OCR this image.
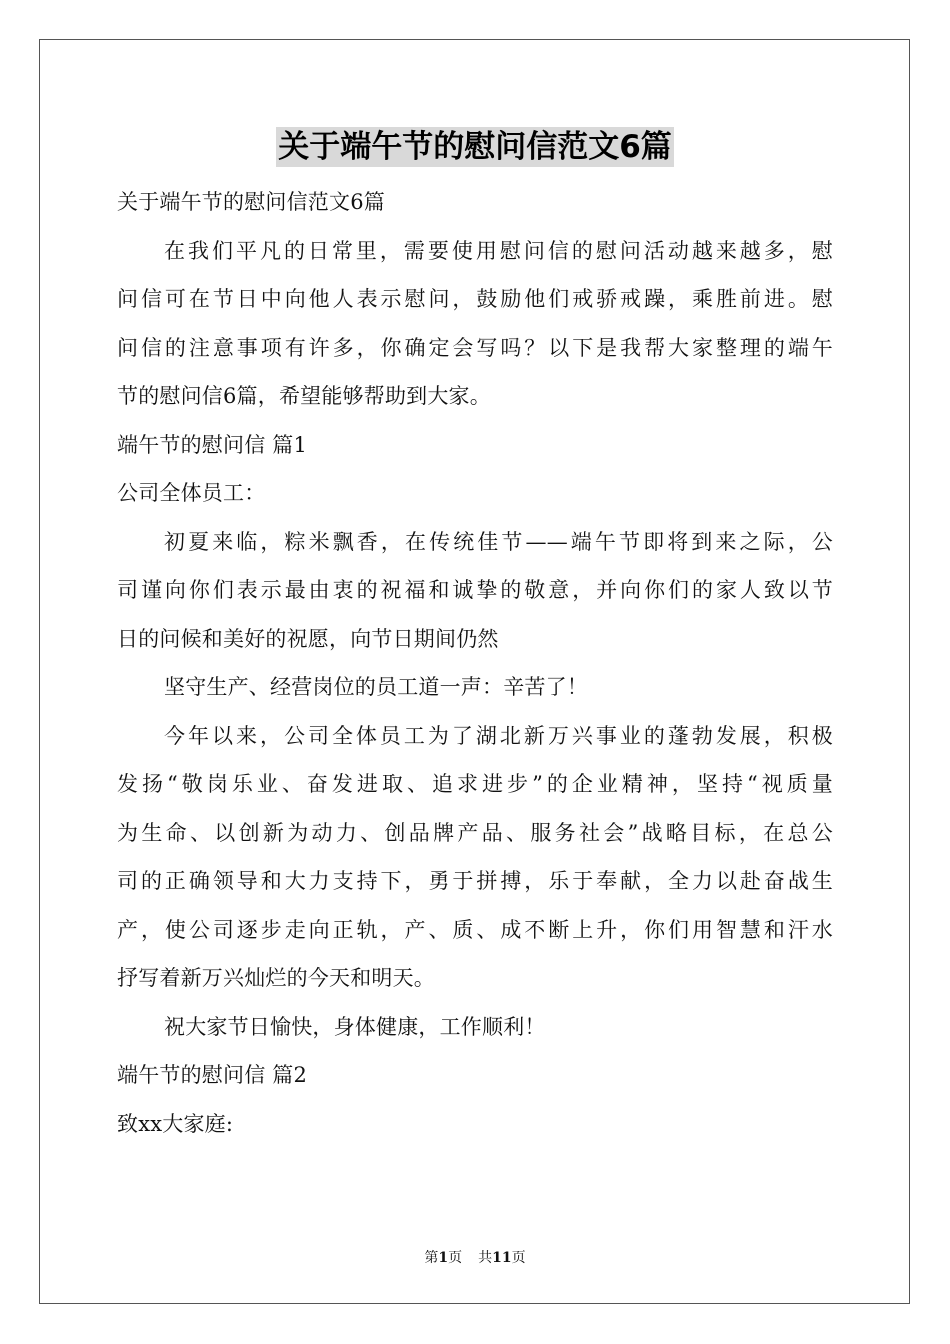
关于端午节的慰问信范文6篇
关于端午节的慰问信范文6篇
在我们平凡的日常里，需要使用慰问信的慰问活动越来越多，慰
问信可在节日中向他人表示慰问，鼓励他们戒骄戒躁，乘胜前进。慰
问信的注意事项有许多，你确定会写吗？以下是我帮大家整理的端午
节的慰问信6篇，希望能够帮助到大家。
端午节的慰问信 篇1
公司全体员工：
初夏来临，粽米飘香，在传统佳节——端午节即将到来之际，公
司谨向你们表示最由衷的祝福和诚挚的敬意，并向你们的家人致以节
日的问候和美好的祝愿，向节日期间仍然
坚守生产、经营岗位的员工道一声：辛苦了！
今年以来，公司全体员工为了湖北新万兴事业的蓬勃发展，积极
发扬“敬岗乐业、奋发进取、追求进步”的企业精神，坚持“视质量
为生命、以创新为动力、创品牌产品、服务社会”战略目标，在总公
司的正确领导和大力支持下，勇于拼搏，乐于奉献，全力以赴奋战生
产，使公司逐步走向正轨，产、质、成不断上升，你们用智慧和汗水
抒写着新万兴灿烂的今天和明天。
祝大家节日愉快，身体健康，工作顺利！
端午节的慰问信 篇2
致xx大家庭:
第1页 共11页
